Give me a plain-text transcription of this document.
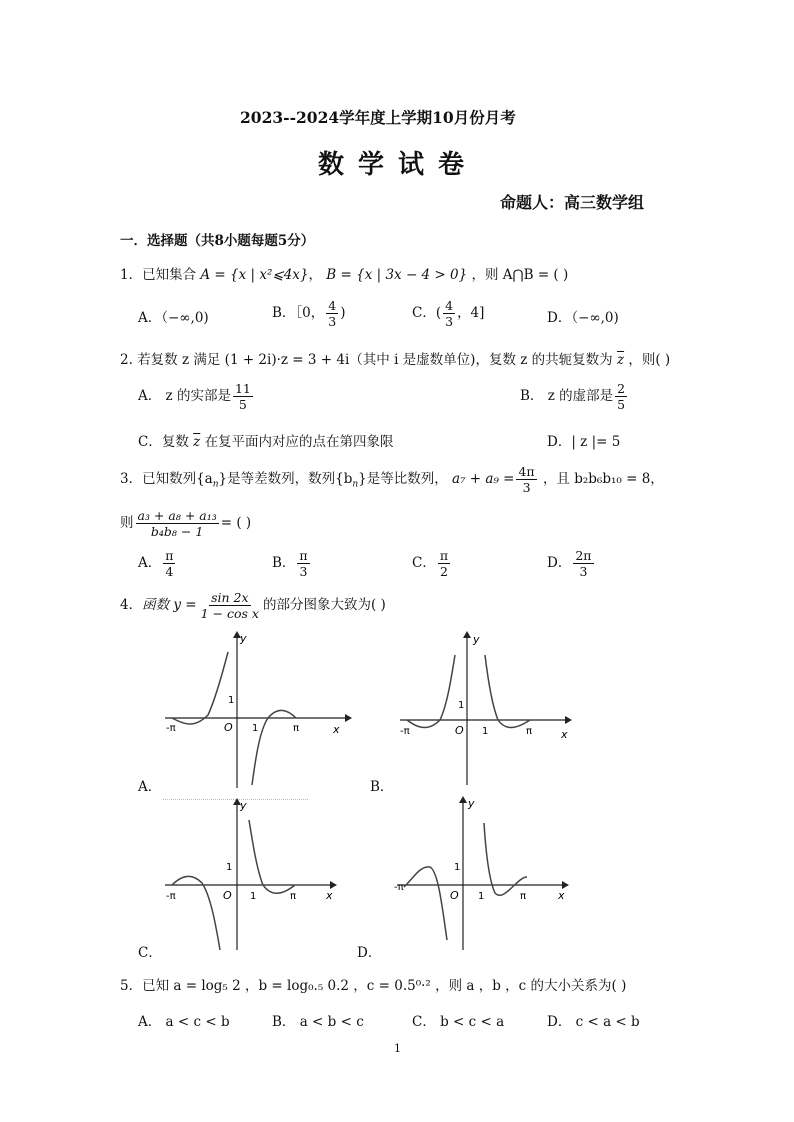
2023--2024学年度上学期10月份月考
数学试卷
命题人：高三数学组
一．选择题（共8小题每题5分）
1．已知集合 A = {x | x²⩽4x}， B = {x | 3x − 4 > 0} ，则 A⋂B = ( )
A．（−∞,0)	B．［0， $\frac{4}{3}$ )	C．( $\frac{4}{3}$ ，4]	D．（−∞,0)
2. 若复数 z 满足 (1 + 2i)·z = 3 + 4i（其中 i 是虚数单位)，复数 z 的共轭复数为 $\overline{z}$ ，则( )
A． z 的实部是 $\frac{11}{5}$	B． z 的虚部是 $\frac{2}{5}$
C．复数 $\overline{z}$ 在复平面内对应的点在第四象限	D．| z |= 5
3．已知数列$\{a_n\}$是等差数列，数列$\{b_n\}$是等比数列， $a_7 + a_9 = \frac{4\pi}{3}$ ，且 b₂b₆b₁₀ = 8，
则 $\frac{\text{a₃ + a₈ + a₁₃}}{\text{b₄b₈ − 1}}$ = ( )
A． $\frac{\pi}{4}$	B． $\frac{\pi}{3}$	C． $\frac{\pi}{2}$	D． $\frac{2\pi}{3}$
4．函数 $y = \frac{\sin 2x}{\text{1 − cos x}}$ 的部分图象大致为( )
y
x
O
1
1
-π	π
A．
y
x
O
1
1
-π	π
B．
y
x
O
1
1
-π	π
C．
y
x
O
1
1
-π
π
D．
5．已知 a = log₅ 2 ，b = log₀.₅ 0.2 ，c = 0.5⁰·² ，则 a ，b ，c 的大小关系为( )
A． a < c < b	B． a < b < c	C． b < c < a	D． c < a < b
1
